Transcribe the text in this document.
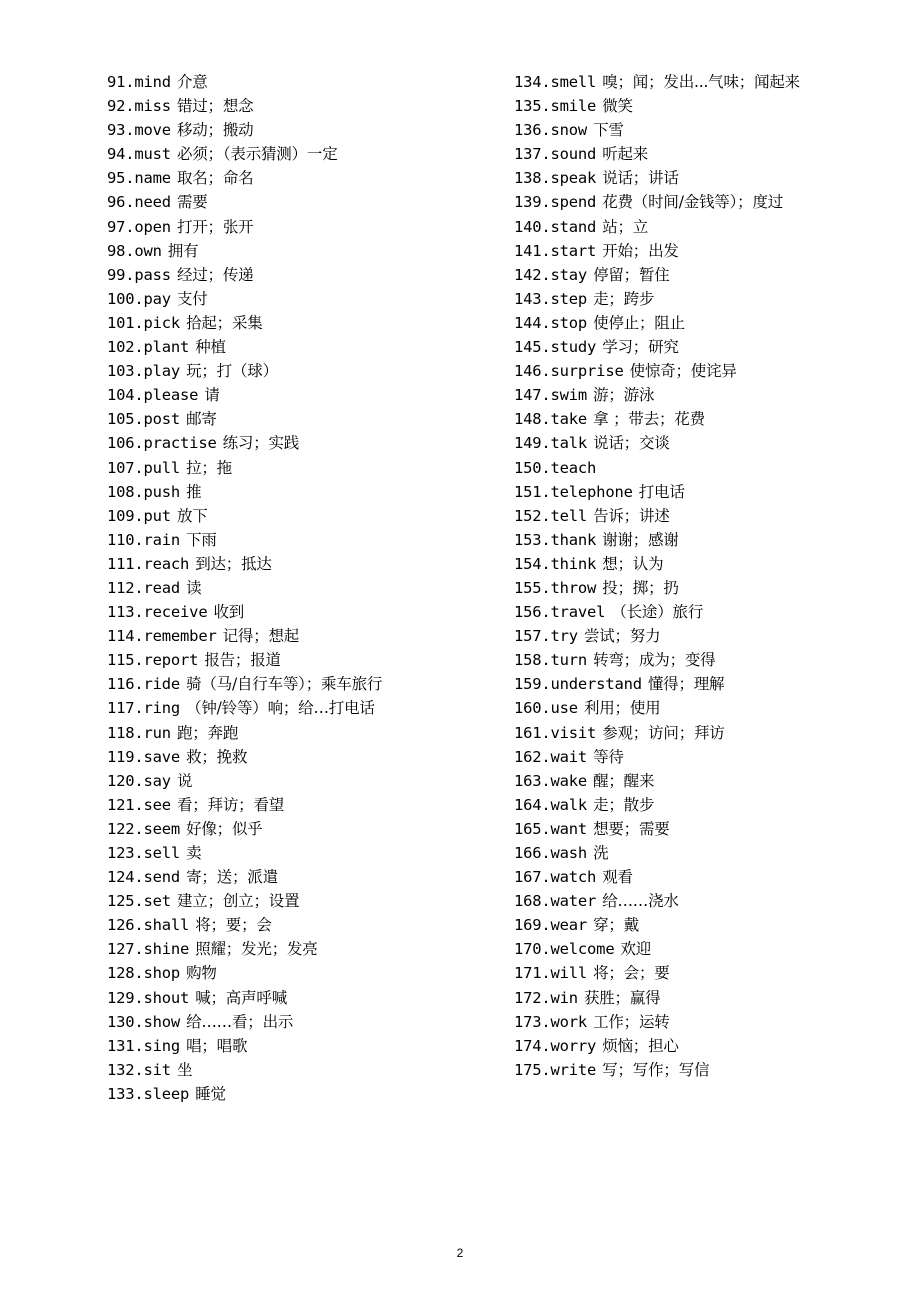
91.mind 介意
92.miss 错过；想念
93.move 移动；搬动
94.must 必须；（表示猜测）一定
95.name 取名；命名
96.need 需要
97.open 打开；张开
98.own 拥有
99.pass 经过；传递
100.pay 支付
101.pick 拾起；采集
102.plant 种植
103.play 玩；打（球）
104.please 请
105.post 邮寄
106.practise 练习；实践
107.pull 拉；拖
108.push 推
109.put 放下
110.rain 下雨
111.reach 到达；抵达
112.read 读
113.receive 收到
114.remember 记得；想起
115.report 报告；报道
116.ride 骑（马/自行车等）；乘车旅行
117.ring （钟/铃等）响；给…打电话
118.run 跑；奔跑
119.save 救；挽救
120.say 说
121.see 看；拜访；看望
122.seem 好像；似乎
123.sell 卖
124.send 寄；送；派遣
125.set 建立；创立；设置
126.shall 将；要；会
127.shine 照耀；发光；发亮
128.shop 购物
129.shout 喊；高声呼喊
130.show 给……看；出示
131.sing 唱；唱歌
132.sit 坐
133.sleep 睡觉
134.smell 嗅；闻；发出...气味；闻起来
135.smile 微笑
136.snow 下雪
137.sound 听起来
138.speak 说话；讲话
139.spend 花费（时间/金钱等）；度过
140.stand 站；立
141.start 开始；出发
142.stay 停留；暂住
143.step 走；跨步
144.stop 使停止；阻止
145.study 学习；研究
146.surprise 使惊奇；使诧异
147.swim 游；游泳
148.take 拿 ；带去；花费
149.talk 说话；交谈
150.teach
151.telephone 打电话
152.tell 告诉；讲述
153.thank 谢谢；感谢
154.think 想；认为
155.throw 投；掷；扔
156.travel （长途）旅行
157.try 尝试；努力
158.turn 转弯；成为；变得
159.understand 懂得；理解
160.use 利用；使用
161.visit 参观；访问；拜访
162.wait 等待
163.wake 醒；醒来
164.walk 走；散步
165.want 想要；需要
166.wash 洗
167.watch 观看
168.water 给……浇水
169.wear 穿；戴
170.welcome 欢迎
171.will 将；会；要
172.win 获胜；赢得
173.work 工作；运转
174.worry 烦恼；担心
175.write 写；写作；写信
2
